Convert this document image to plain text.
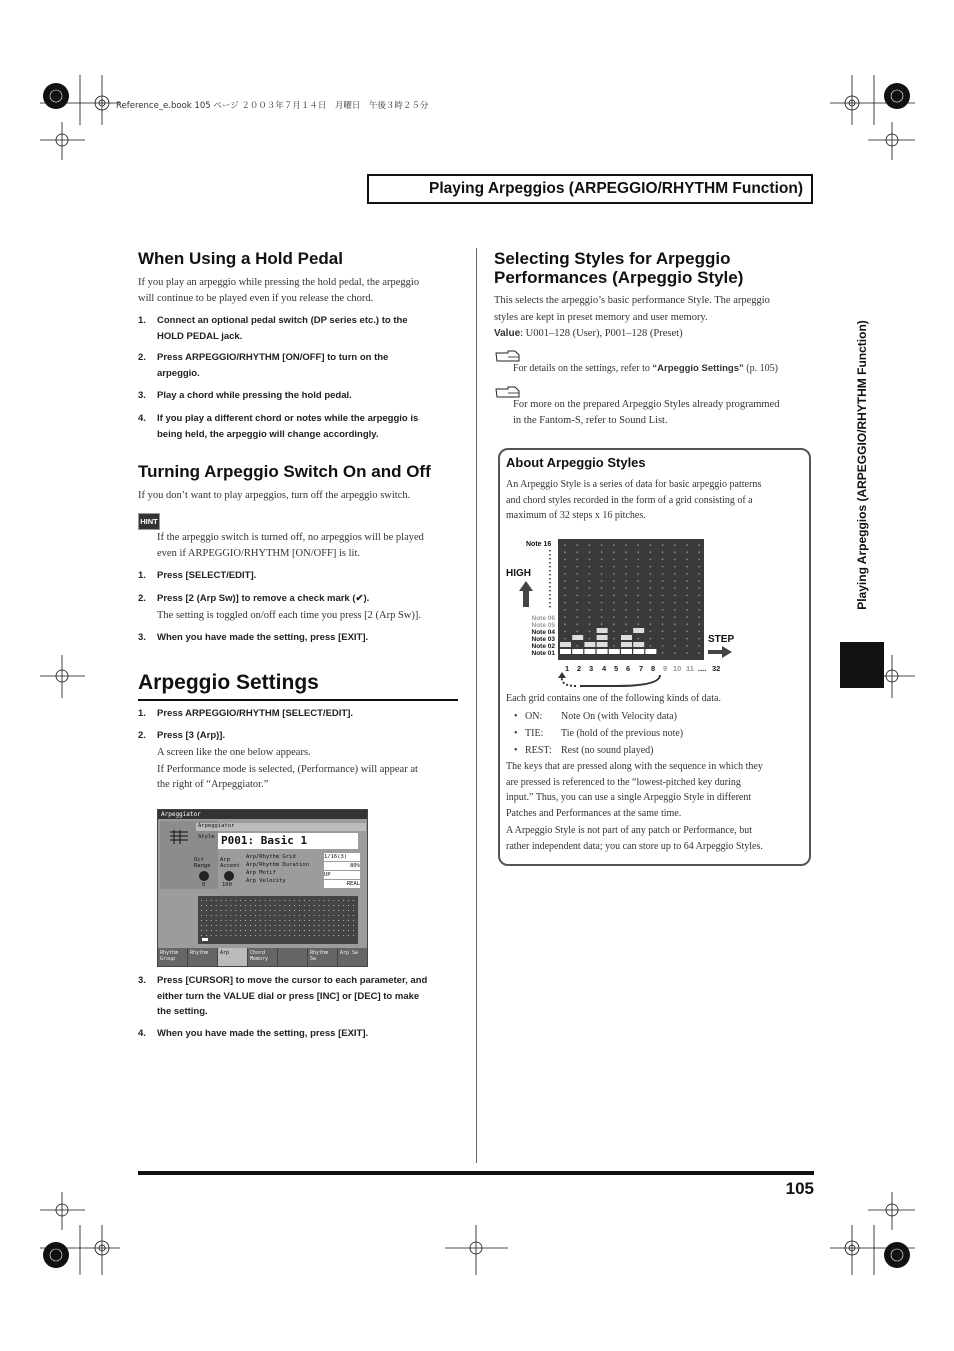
Reference_e.book 105 ページ ２００３年７月１４日　月曜日　午後３時２５分
Playing Arpeggios (ARPEGGIO/RHYTHM Function)
Playing Arpeggios (ARPEGGIO/RHYTHM Function)
When Using a Hold Pedal
If you play an arpeggio while pressing the hold pedal, the arpeggio
will continue to be played even if you release the chord.
1. Connect an optional pedal switch (DP series etc.) to the
HOLD PEDAL jack.
2. Press ARPEGGIO/RHYTHM [ON/OFF] to turn on the
arpeggio.
3. Play a chord while pressing the hold pedal.
4. If you play a different chord or notes while the arpeggio is
being held, the arpeggio will change accordingly.
Turning Arpeggio Switch On and Off
If you don’t want to play arpeggios, turn off the arpeggio switch.
HINT
If the arpeggio switch is turned off, no arpeggios will be played
even if ARPEGGIO/RHYTHM [ON/OFF] is lit.
1. Press [SELECT/EDIT].
2. Press [2 (Arp Sw)] to remove a check mark (✔).
The setting is toggled on/off each time you press [2 (Arp Sw)].
3. When you have made the setting, press [EXIT].
Arpeggio Settings
1. Press ARPEGGIO/RHYTHM [SELECT/EDIT].
2. Press [3 (Arp)].
A screen like the one below appears.
If Performance mode is selected, (Performance) will appear at
the right of “Arpeggiator.”
Arpeggiator
Arpeggiator
Style P001: Basic 1
Oct Range
Arp Accent
0	100
Arp/Rhythm Grid
Arp/Rhythm Duration
Arp Motif
Arp Velocity
1/16(3)
80%
UP
REAL
Rhythm Group
Rhythm	Arp	Chord Memory
Rhythm Sw
Arp Sw
3. Press [CURSOR] to move the cursor to each parameter, and
either turn the VALUE dial or press [INC] or [DEC] to make
the setting.
4. When you have made the setting, press [EXIT].
Selecting Styles for Arpeggio
Performances (Arpeggio Style)
This selects the arpeggio’s basic performance Style. The arpeggio
styles are kept in preset memory and user memory.
Value: U001–128 (User), P001–128 (Preset)
For details on the settings, refer to “Arpeggio Settings” (p. 105)
For more on the prepared Arpeggio Styles already programmed
in the Fantom-S, refer to Sound List.
About Arpeggio Styles
An Arpeggio Style is a series of data for basic arpeggio patterns
and chord styles recorded in the form of a grid consisting of a
maximum of 32 steps x 16 pitches.
Note 16
HIGH
Note 06
Note 05
Note 04
Note 03
Note 02
Note 01
STEP
1 2 3 4 5 6 7 8 9 10 11 .... 32
Each grid contains one of the following kinds of data.
• ON: Note On (with Velocity data)
• TIE: Tie (hold of the previous note)
• REST: Rest (no sound played)
The keys that are pressed along with the sequence in which they
are pressed is referenced to the “lowest-pitched key during
input.” Thus, you can use a single Arpeggio Style in different
Patches and Performances at the same time.
A Arpeggio Style is not part of any patch or Performance, but
rather independent data; you can store up to 64 Arpeggio Styles.
105
